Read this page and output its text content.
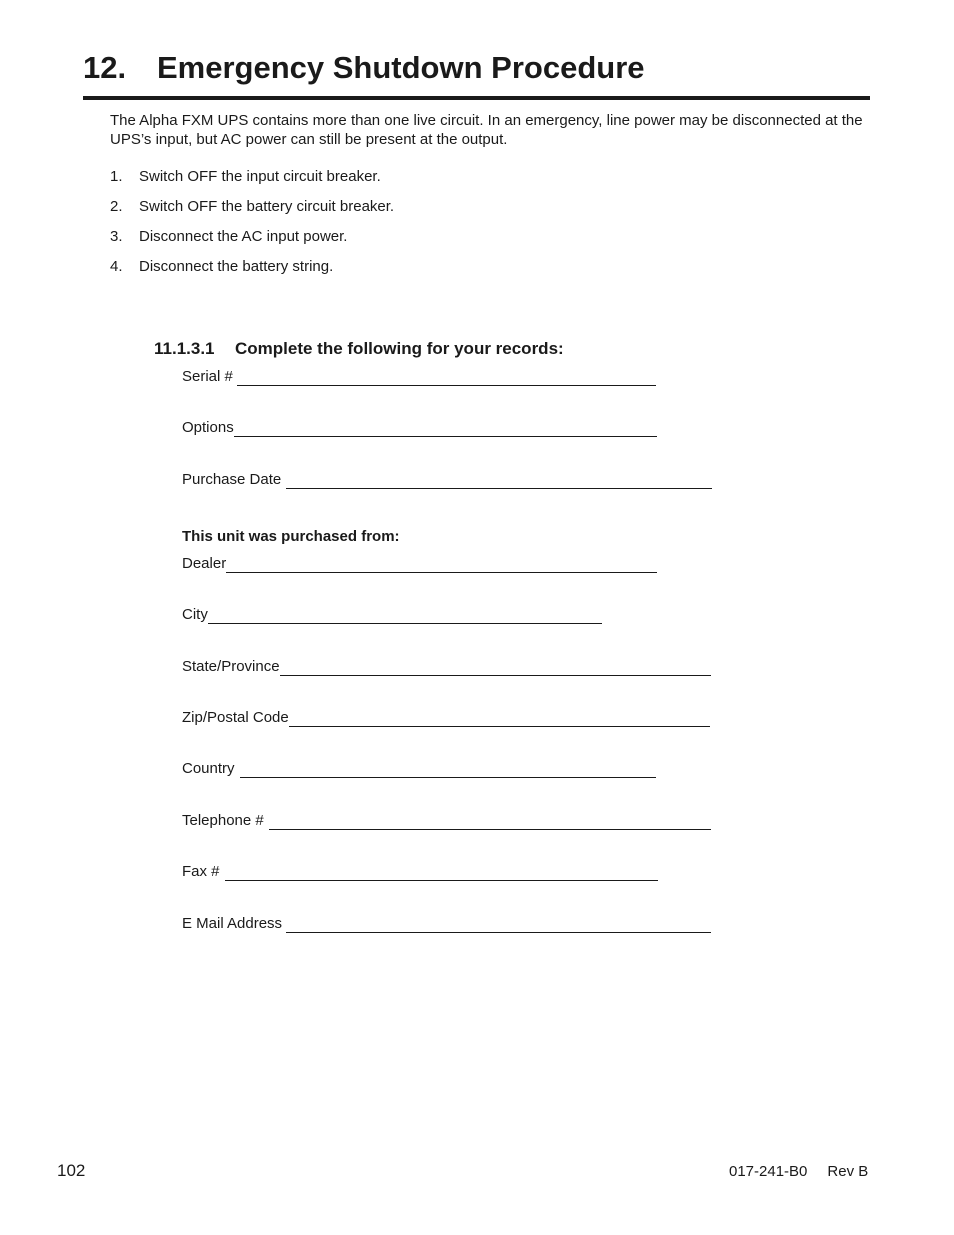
12. Emergency Shutdown Procedure

The Alpha FXM UPS contains more than one live circuit. In an emergency, line power may be disconnected at the UPS’s input, but AC power can still be present at the output.

1. Switch OFF the input circuit breaker.
2. Switch OFF the battery circuit breaker.
3. Disconnect the AC input power.
4. Disconnect the battery string.
11.1.3.1 Complete the following for your records:
Serial #
Options
Purchase Date

This unit was purchased from:

Dealer
City
State/Province
Zip/Postal Code
Country
Telephone #
Fax #
E Mail Address
102	017-241-B0 Rev B
